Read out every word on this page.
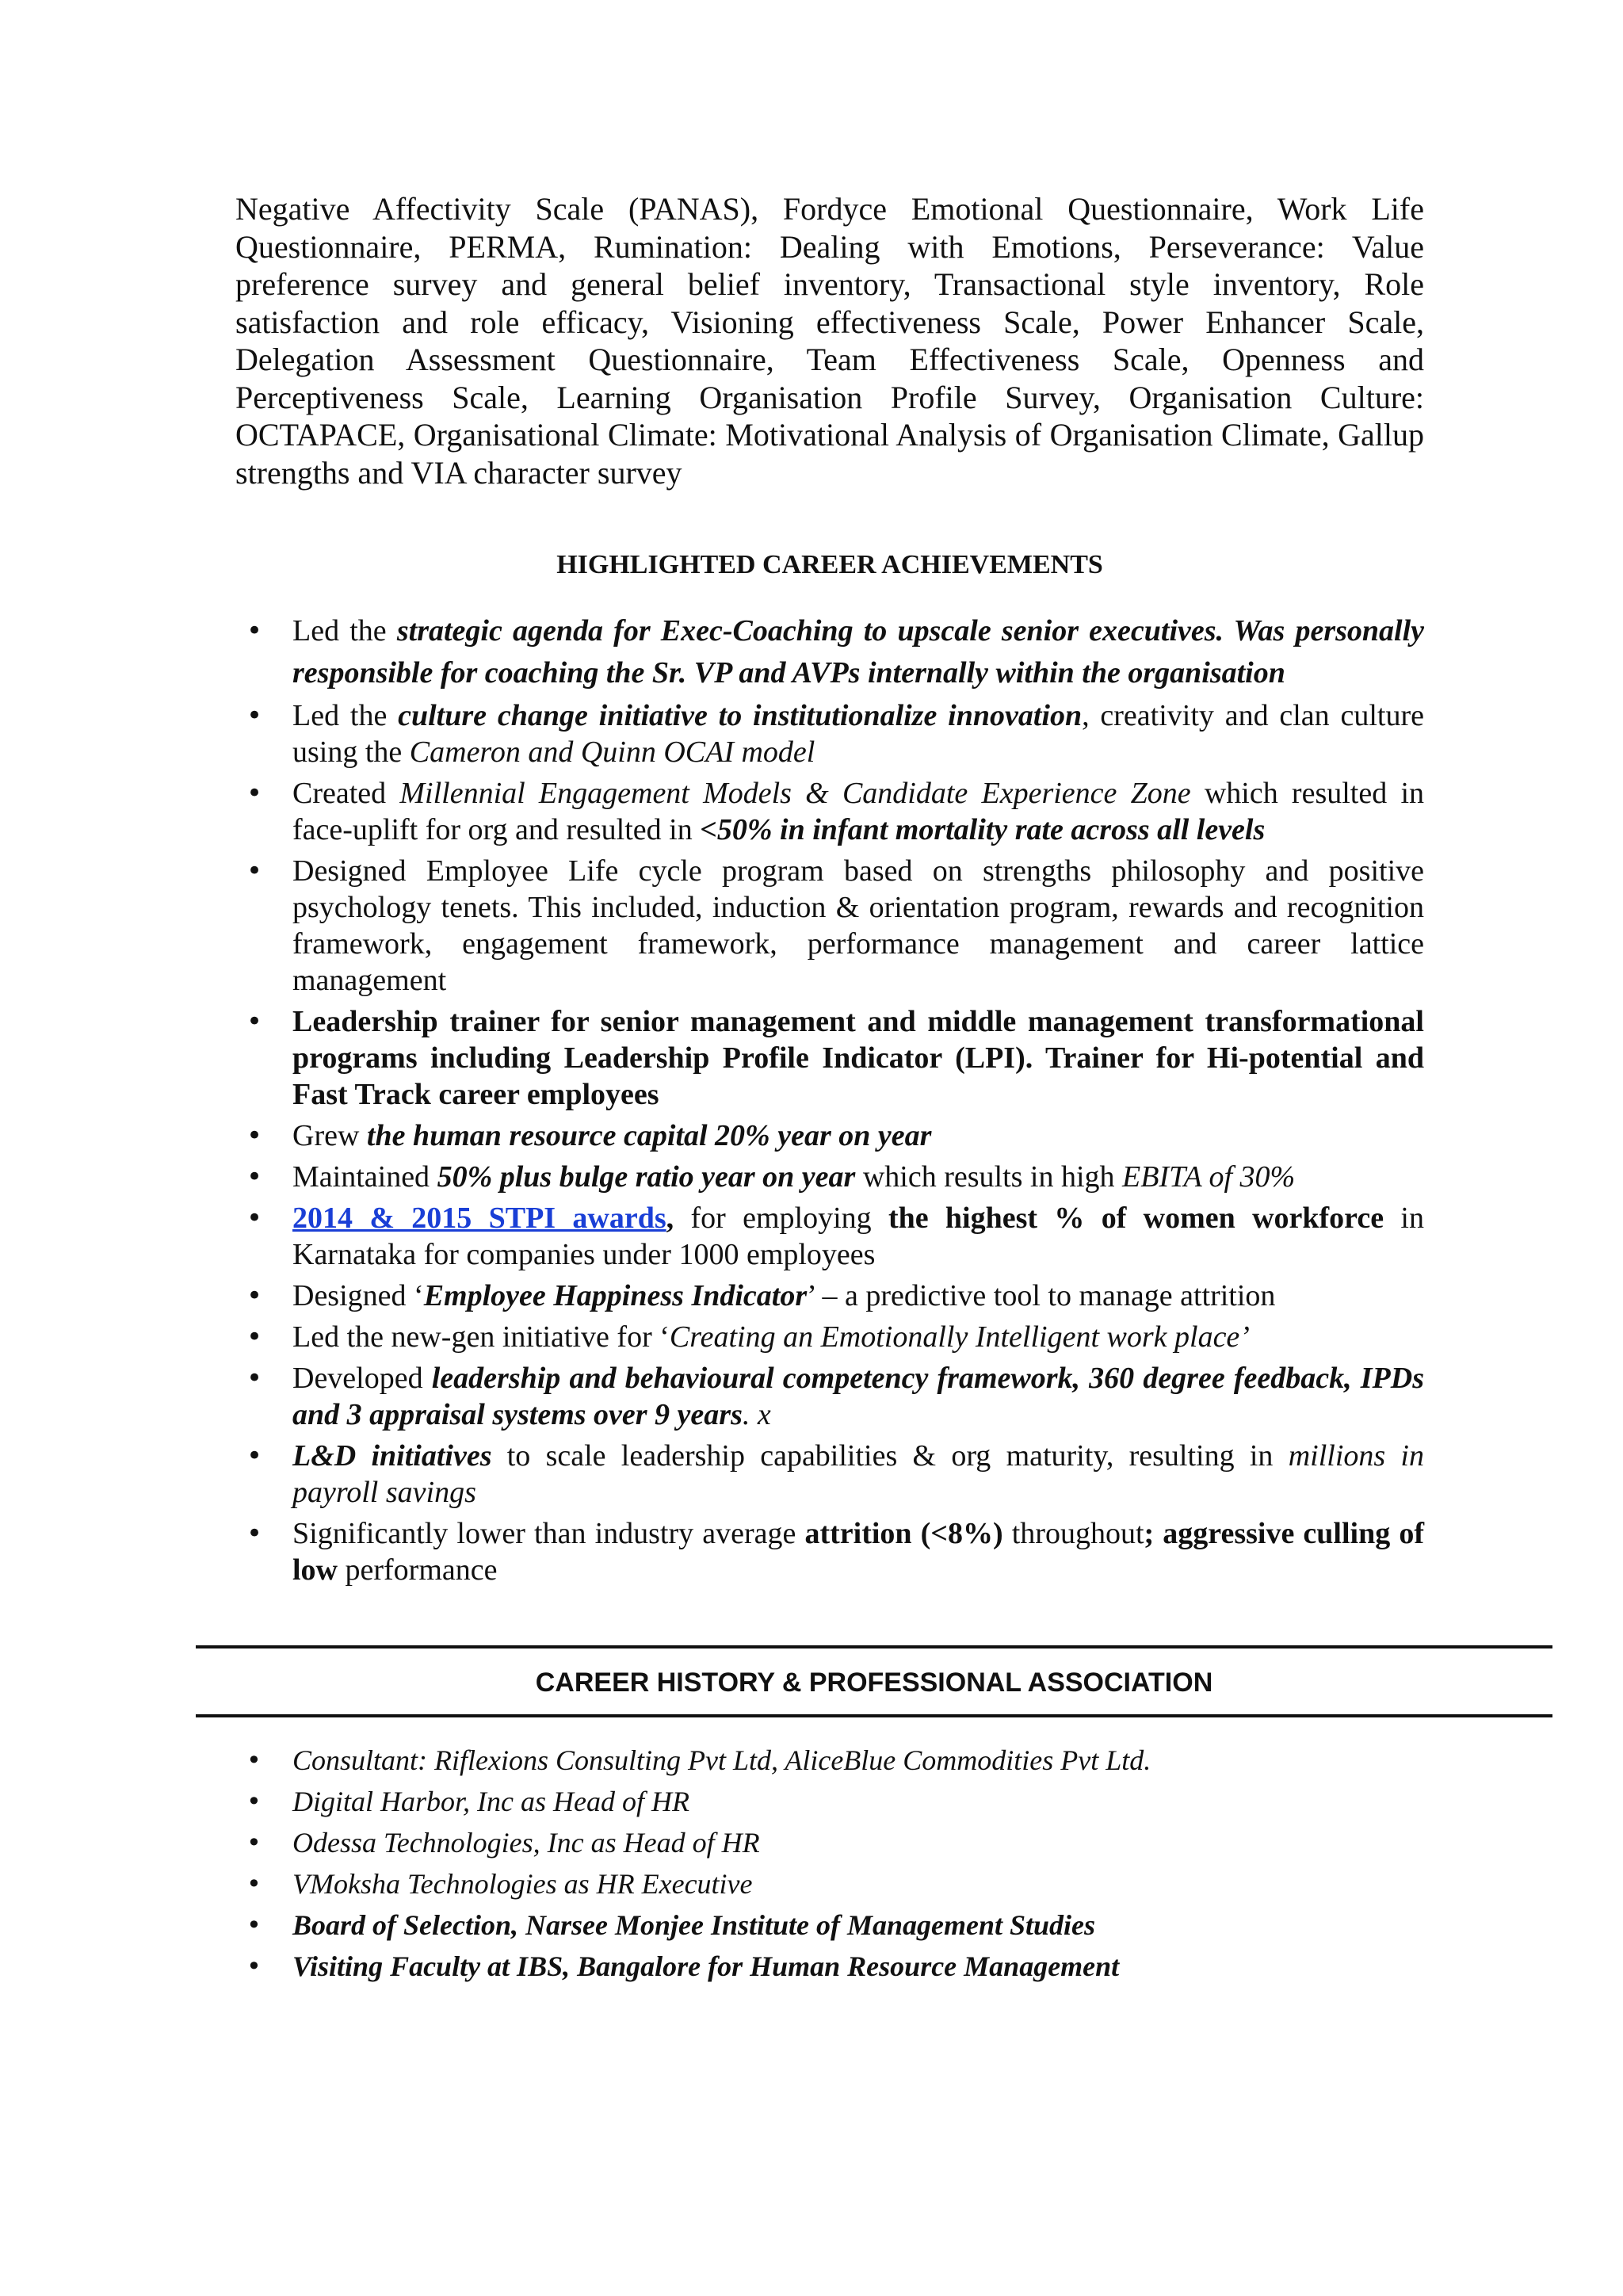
Negative Affectivity Scale (PANAS), Fordyce Emotional Questionnaire, Work Life Questionnaire, PERMA, Rumination: Dealing with Emotions, Perseverance: Value preference survey and general belief inventory, Transactional style inventory, Role satisfaction and role efficacy, Visioning effectiveness Scale, Power Enhancer Scale, Delegation Assessment Questionnaire, Team Effectiveness Scale, Openness and Perceptiveness Scale, Learning Organisation Profile Survey, Organisation Culture: OCTAPACE, Organisational Climate: Motivational Analysis of Organisation Climate, Gallup strengths and VIA character survey

HIGHLIGHTED CAREER ACHIEVEMENTS
• Led the strategic agenda for Exec-Coaching to upscale senior executives. Was personally responsible for coaching the Sr. VP and AVPs internally within the organisation
• Led the culture change initiative to institutionalize innovation, creativity and clan culture using the Cameron and Quinn OCAI model
• Created Millennial Engagement Models & Candidate Experience Zone which resulted in face-uplift for org and resulted in <50% in infant mortality rate across all levels
• Designed Employee Life cycle program based on strengths philosophy and positive psychology tenets. This included, induction & orientation program, rewards and recognition framework, engagement framework, performance management and career lattice management
• Leadership trainer for senior management and middle management transformational programs including Leadership Profile Indicator (LPI). Trainer for Hi-potential and Fast Track career employees
• Grew the human resource capital 20% year on year
• Maintained 50% plus bulge ratio year on year which results in high EBITA of 30%
• 2014 & 2015 STPI awards, for employing the highest % of women workforce in Karnataka for companies under 1000 employees
• Designed ‘Employee Happiness Indicator’ – a predictive tool to manage attrition
• Led the new-gen initiative for ‘Creating an Emotionally Intelligent work place’
• Developed leadership and behavioural competency framework, 360 degree feedback, IPDs and 3 appraisal systems over 9 years. x
• L&D initiatives to scale leadership capabilities & org maturity, resulting in millions in payroll savings
• Significantly lower than industry average attrition (<8%) throughout; aggressive culling of low performance
CAREER HISTORY & PROFESSIONAL ASSOCIATION
• Consultant: Riflexions Consulting Pvt Ltd, AliceBlue Commodities Pvt Ltd.
• Digital Harbor, Inc as Head of HR
• Odessa Technologies, Inc as Head of HR
• VMoksha Technologies as HR Executive
• Board of Selection, Narsee Monjee Institute of Management Studies
• Visiting Faculty at IBS, Bangalore for Human Resource Management
